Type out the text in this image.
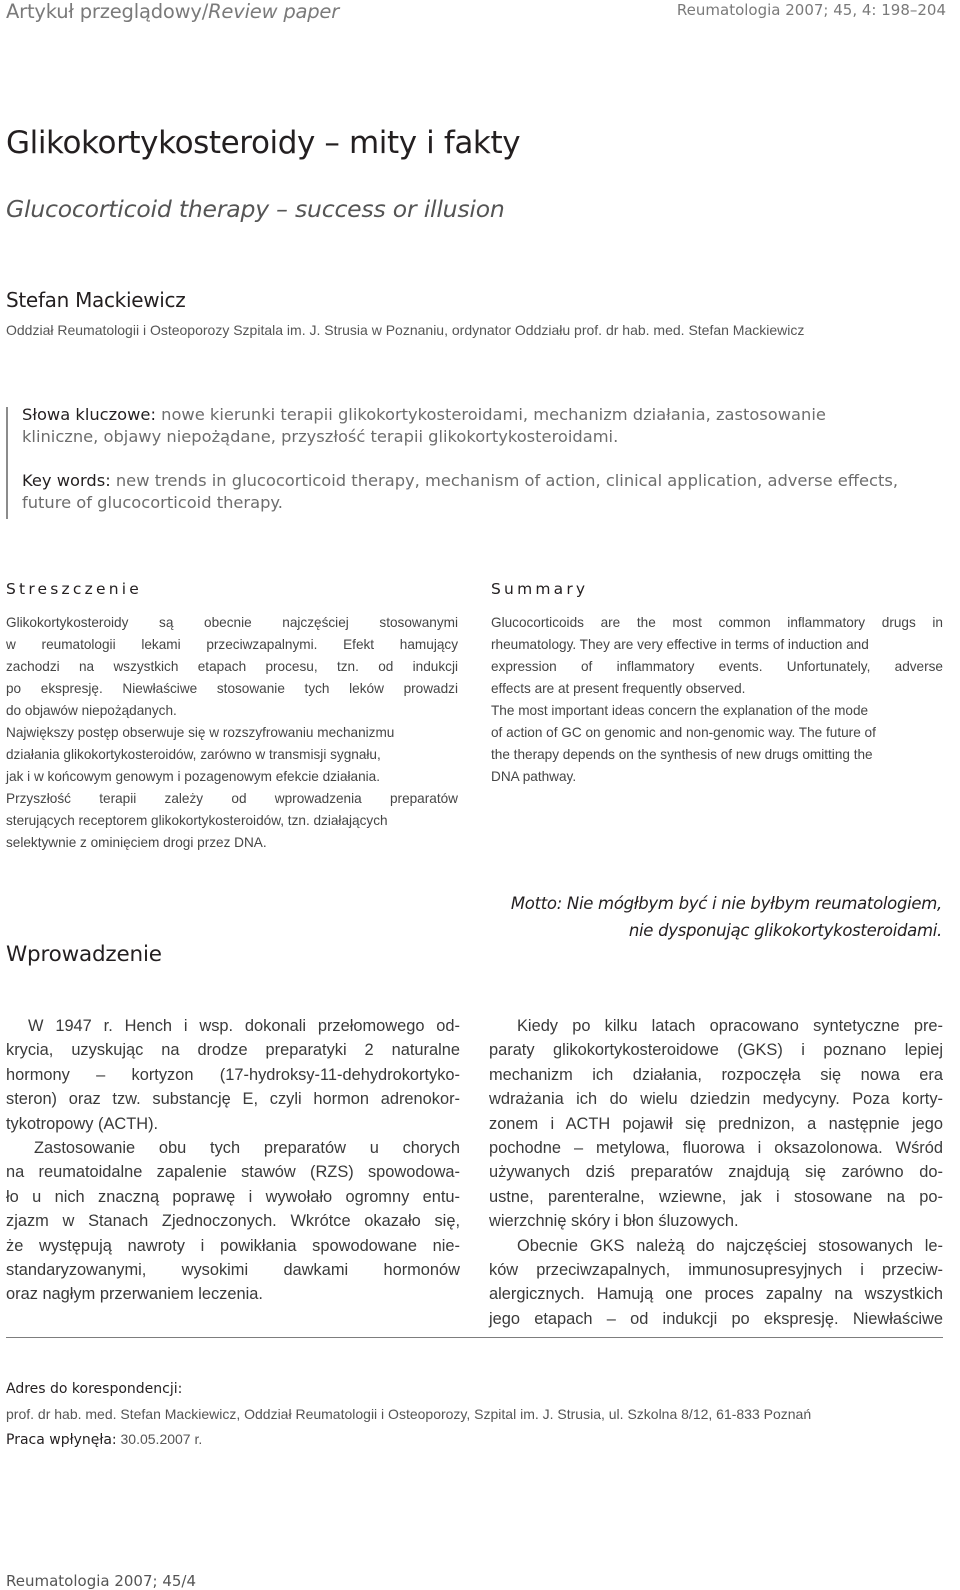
Artykuł przeglądowy/Review paper	Reumatologia 2007; 45, 4: 198–204
Glikokortykosteroidy – mity i fakty
Glucocorticoid therapy – success or illusion
Stefan Mackiewicz
Oddział Reumatologii i Osteoporozy Szpitala im. J. Strusia w Poznaniu, ordynator Oddziału prof. dr hab. med. Stefan Mackiewicz
Słowa kluczowe: nowe kierunki terapii glikokortykosteroidami, mechanizm działania, zastosowanie
kliniczne, objawy niepożądane, przyszłość terapii glikokortykosteroidami.
Key words: new trends in glucocorticoid therapy, mechanism of action, clinical application, adverse effects,
future of glucocorticoid therapy.
Streszczenie	Summary
Glikokortykosteroidy są obecnie najczęściej stosowanymi
w reumatologii lekami przeciwzapalnymi. Efekt hamujący
zachodzi na wszystkich etapach procesu, tzn. od indukcji
po ekspresję. Niewłaściwe stosowanie tych leków prowadzi
do objawów niepożądanych.
Największy postęp obserwuje się w rozszyfrowaniu mechanizmu
działania glikokortykosteroidów, zarówno w transmisji sygnału,
jak i w końcowym genowym i pozagenowym efekcie działania.
Przyszłość terapii zależy od wprowadzenia preparatów
sterujących receptorem glikokortykosteroidów, tzn. działających
selektywnie z ominięciem drogi przez DNA.
Glucocorticoids are the most common inflammatory drugs in
rheumatology. They are very effective in terms of induction and
expression of inflammatory events. Unfortunately, adverse
effects are at present frequently observed.
The most important ideas concern the explanation of the mode
of action of GC on genomic and non-genomic way. The future of
the therapy depends on the synthesis of new drugs omitting the
DNA pathway.
Motto: Nie mógłbym być i nie byłbym reumatologiem,
nie dysponując glikokortykosteroidami.
Wprowadzenie
W 1947 r. Hench i wsp. dokonali przełomowego od-
krycia, uzyskując na drodze preparatyki 2 naturalne
hormony – kortyzon (17-hydroksy-11-dehydrokortyko-
steron) oraz tzw. substancję E, czyli hormon adrenokor-
tykotropowy (ACTH).
Zastosowanie obu tych preparatów u chorych
na reumatoidalne zapalenie stawów (RZS) spowodowa-
ło u nich znaczną poprawę i wywołało ogromny entu-
zjazm w Stanach Zjednoczonych. Wkrótce okazało się,
że występują nawroty i powikłania spowodowane nie-
standaryzowanymi, wysokimi dawkami hormonów
oraz nagłym przerwaniem leczenia.
Kiedy po kilku latach opracowano syntetyczne pre-
paraty glikokortykosteroidowe (GKS) i poznano lepiej
mechanizm ich działania, rozpoczęła się nowa era
wdrażania ich do wielu dziedzin medycyny. Poza korty-
zonem i ACTH pojawił się prednizon, a następnie jego
pochodne – metylowa, fluorowa i oksazolonowa. Wśród
używanych dziś preparatów znajdują się zarówno do-
ustne, parenteralne, wziewne, jak i stosowane na po-
wierzchnię skóry i błon śluzowych.
Obecnie GKS należą do najczęściej stosowanych le-
ków przeciwzapalnych, immunosupresyjnych i przeciw-
alergicznych. Hamują one proces zapalny na wszystkich
jego etapach – od indukcji po ekspresję. Niewłaściwe
Adres do korespondencji:
prof. dr hab. med. Stefan Mackiewicz, Oddział Reumatologii i Osteoporozy, Szpital im. J. Strusia, ul. Szkolna 8/12, 61-833 Poznań
Praca wpłynęła: 30.05.2007 r.
Reumatologia 2007; 45/4
